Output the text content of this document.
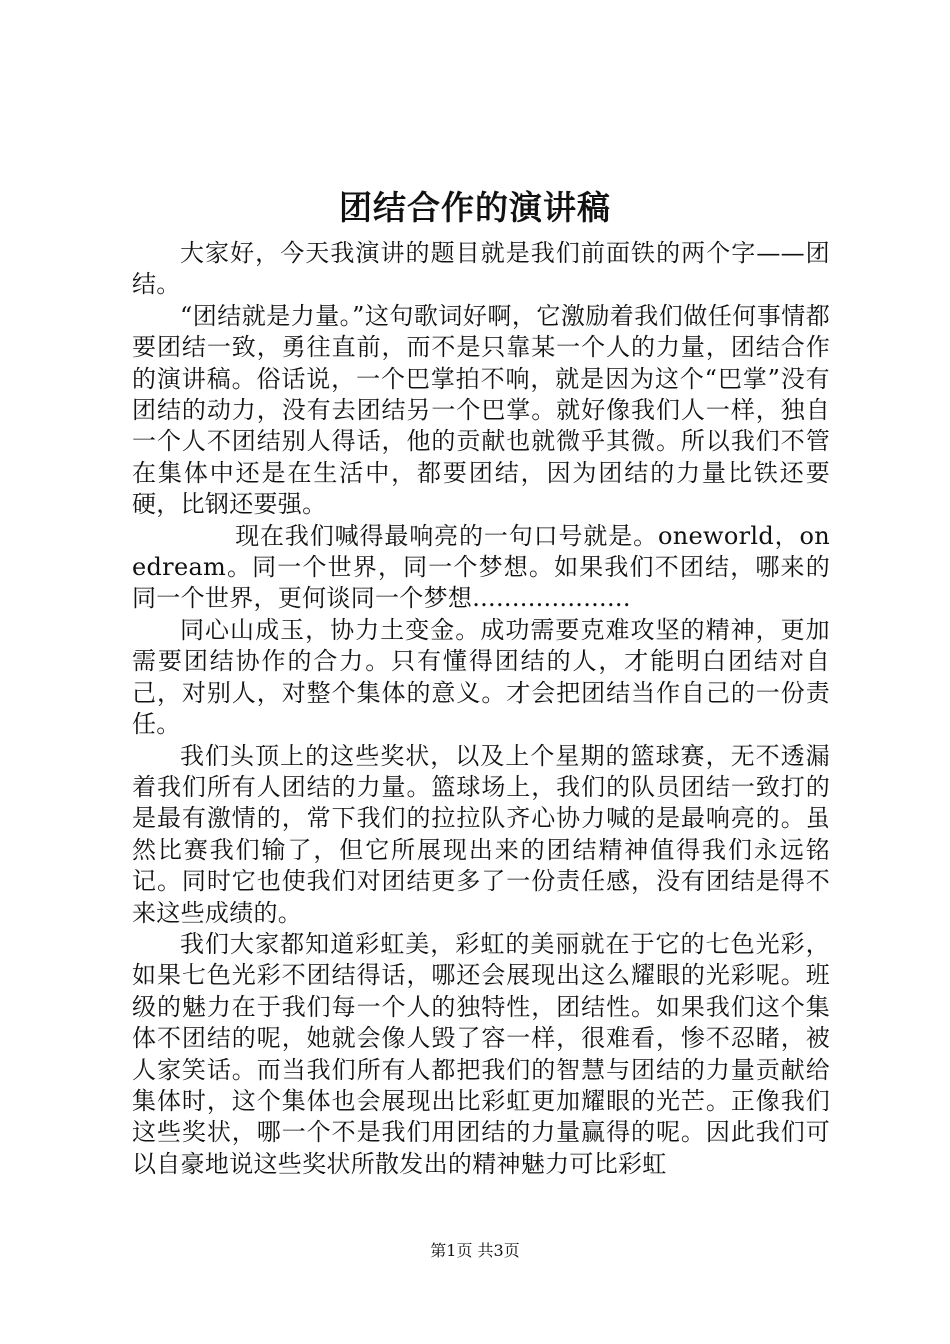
团结合作的演讲稿

大家好，今天我演讲的题目就是我们前面铁的两个字——团结。

“团结就是力量。”这句歌词好啊，它激励着我们做任何事情都要团结一致，勇往直前，而不是只靠某一个人的力量，团结合作的演讲稿。俗话说，一个巴掌拍不响，就是因为这个“巴掌”没有团结的动力，没有去团结另一个巴掌。就好像我们人一样，独自一个人不团结别人得话，他的贡献也就微乎其微。所以我们不管在集体中还是在生活中，都要团结，因为团结的力量比铁还要硬，比钢还要强。

现在我们喊得最响亮的一句口号就是。oneworld，onedream。同一个世界，同一个梦想。如果我们不团结，哪来的同一个世界，更何谈同一个梦想....................

同心山成玉，协力土变金。成功需要克难攻坚的精神，更加需要团结协作的合力。只有懂得团结的人，才能明白团结对自己，对别人，对整个集体的意义。才会把团结当作自己的一份责任。

我们头顶上的这些奖状，以及上个星期的篮球赛，无不透漏着我们所有人团结的力量。篮球场上，我们的队员团结一致打的是最有激情的，常下我们的拉拉队齐心协力喊的是最响亮的。虽然比赛我们输了，但它所展现出来的团结精神值得我们永远铭记。同时它也使我们对团结更多了一份责任感，没有团结是得不来这些成绩的。

我们大家都知道彩虹美，彩虹的美丽就在于它的七色光彩，如果七色光彩不团结得话，哪还会展现出这么耀眼的光彩呢。班级的魅力在于我们每一个人的独特性，团结性。如果我们这个集体不团结的呢，她就会像人毁了容一样，很难看，惨不忍睹，被人家笑话。而当我们所有人都把我们的智慧与团结的力量贡献给集体时，这个集体也会展现出比彩虹更加耀眼的光芒。正像我们这些奖状，哪一个不是我们用团结的力量赢得的呢。因此我们可以自豪地说这些奖状所散发出的精神魅力可比彩虹

第1页 共3页
